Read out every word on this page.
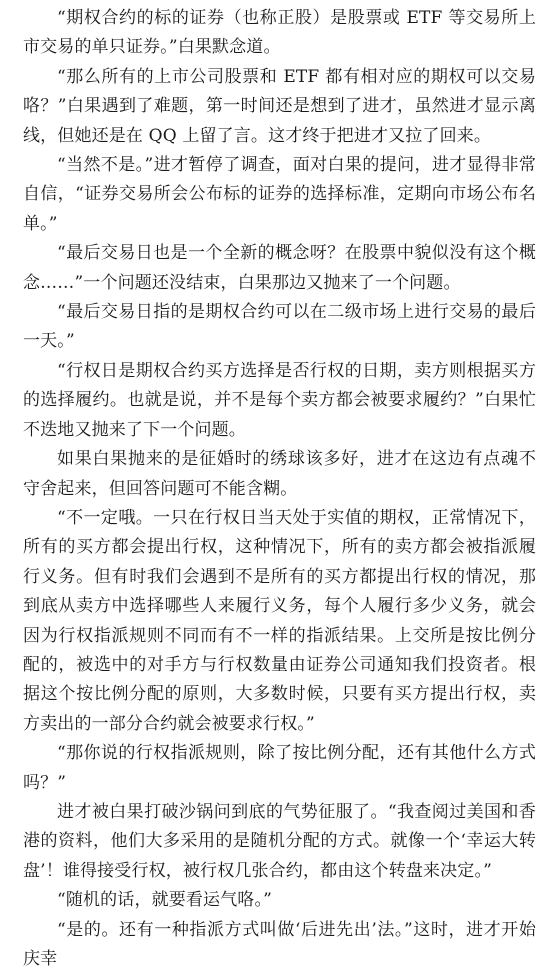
“期权合约的标的证券（也称正股）是股票或 ETF 等交易所上市交易的单只证券。”白果默念道。

“那么所有的上市公司股票和 ETF 都有相对应的期权可以交易咯？”白果遇到了难题，第一时间还是想到了进才，虽然进才显示离线，但她还是在 QQ 上留了言。这才终于把进才又拉了回来。

“当然不是。”进才暂停了调查，面对白果的提问，进才显得非常自信，“证券交易所会公布标的证券的选择标准，定期向市场公布名单。”

“最后交易日也是一个全新的概念呀？在股票中貌似没有这个概念……”一个问题还没结束，白果那边又抛来了一个问题。

“最后交易日指的是期权合约可以在二级市场上进行交易的最后一天。”

“行权日是期权合约买方选择是否行权的日期，卖方则根据买方的选择履约。也就是说，并不是每个卖方都会被要求履约？”白果忙不迭地又抛来了下一个问题。

如果白果抛来的是征婚时的绣球该多好，进才在这边有点魂不守舍起来，但回答问题可不能含糊。

“不一定哦。一只在行权日当天处于实值的期权，正常情况下，所有的买方都会提出行权，这种情况下，所有的卖方都会被指派履行义务。但有时我们会遇到不是所有的买方都提出行权的情况，那到底从卖方中选择哪些人来履行义务，每个人履行多少义务，就会因为行权指派规则不同而有不一样的指派结果。上交所是按比例分配的，被选中的对手方与行权数量由证券公司通知我们投资者。根据这个按比例分配的原则，大多数时候，只要有买方提出行权，卖方卖出的一部分合约就会被要求行权。”

“那你说的行权指派规则，除了按比例分配，还有其他什么方式吗？”

进才被白果打破沙锅问到底的气势征服了。“我查阅过美国和香港的资料，他们大多采用的是随机分配的方式。就像一个‘幸运大转盘’！谁得接受行权，被行权几张合约，都由这个转盘来决定。”

“随机的话，就要看运气咯。”

“是的。还有一种指派方式叫做‘后进先出’法。”这时，进才开始庆幸
